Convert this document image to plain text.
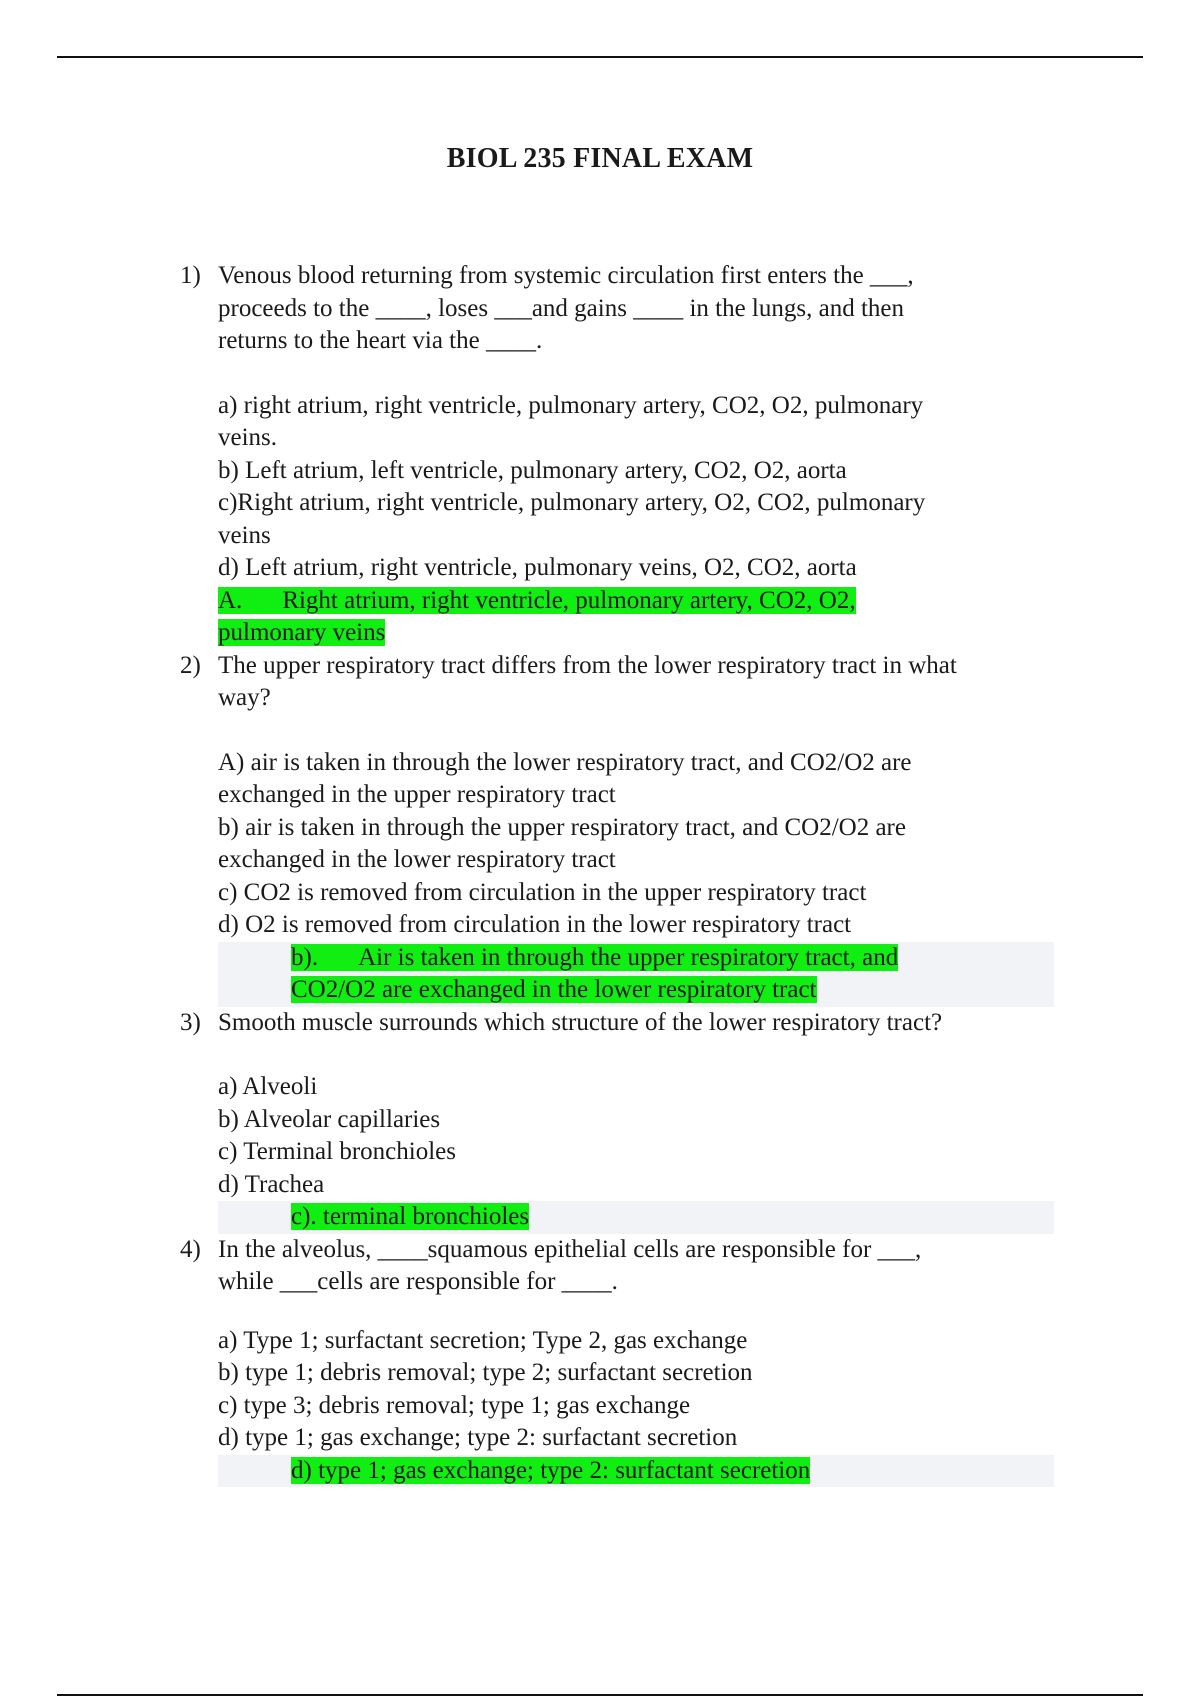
BIOL 235 FINAL EXAM
1) Venous blood returning from systemic circulation first enters the ___,
proceeds to the ____, loses ___and gains ____ in the lungs, and then
returns to the heart via the ____.
a) right atrium, right ventricle, pulmonary artery, CO2, O2, pulmonary
veins.
b) Left atrium, left ventricle, pulmonary artery, CO2, O2, aorta
c)Right atrium, right ventricle, pulmonary artery, O2, CO2, pulmonary
veins
d) Left atrium, right ventricle, pulmonary veins, O2, CO2, aorta
A. Right atrium, right ventricle, pulmonary artery, CO2, O2,
pulmonary veins
2) The upper respiratory tract differs from the lower respiratory tract in what
way?
A) air is taken in through the lower respiratory tract, and CO2/O2 are
exchanged in the upper respiratory tract
b) air is taken in through the upper respiratory tract, and CO2/O2 are
exchanged in the lower respiratory tract
c) CO2 is removed from circulation in the upper respiratory tract
d) O2 is removed from circulation in the lower respiratory tract
b). Air is taken in through the upper respiratory tract, and
CO2/O2 are exchanged in the lower respiratory tract
3) Smooth muscle surrounds which structure of the lower respiratory tract?
a) Alveoli
b) Alveolar capillaries
c) Terminal bronchioles
d) Trachea
c). terminal bronchioles
4) In the alveolus, ____squamous epithelial cells are responsible for ___,
while ___cells are responsible for ____.
a) Type 1; surfactant secretion; Type 2, gas exchange
b) type 1; debris removal; type 2; surfactant secretion
c) type 3; debris removal; type 1; gas exchange
d) type 1; gas exchange; type 2: surfactant secretion
d) type 1; gas exchange; type 2: surfactant secretion
